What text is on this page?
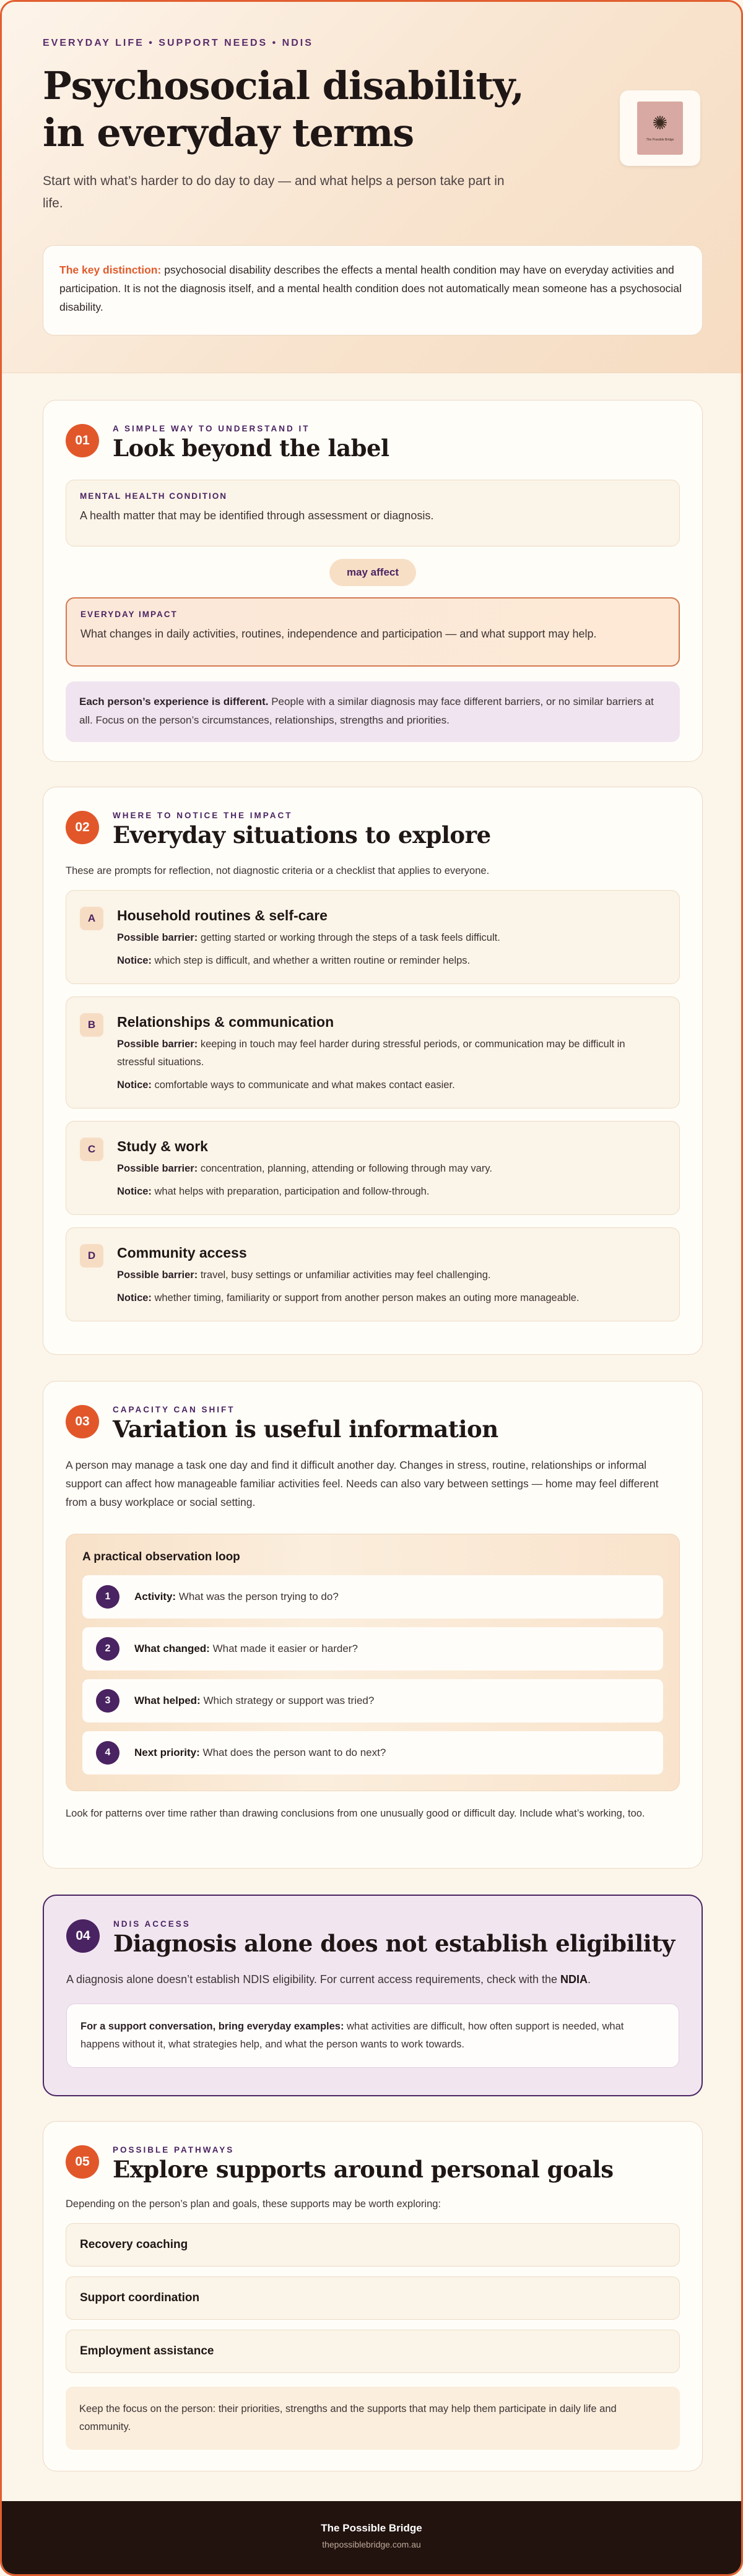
EVERYDAY LIFE • SUPPORT NEEDS • NDIS
Psychosocial disability, in everyday terms

Start with what’s harder to do day to day — and what helps a person take part in life.

✺
The Possible Bridge
The key distinction: psychosocial disability describes the effects a mental health condition may have on everyday activities and participation. It is not the diagnosis itself, and a mental health condition does not automatically mean someone has a psychosocial disability.
01
A SIMPLE WAY TO UNDERSTAND IT
Look beyond the label
MENTAL HEALTH CONDITION
A health matter that may be identified through assessment or diagnosis.
may affect
EVERYDAY IMPACT
What changes in daily activities, routines, independence and participation — and what support may help.
Each person’s experience is different. People with a similar diagnosis may face different barriers, or no similar barriers at all. Focus on the person’s circumstances, relationships, strengths and priorities.
02
WHERE TO NOTICE THE IMPACT
Everyday situations to explore

These are prompts for reflection, not diagnostic criteria or a checklist that applies to everyone.

A	Household routines & self-care
Possible barrier: getting started or working through the steps of a task feels difficult.
Notice: which step is difficult, and whether a written routine or reminder helps.
B	Relationships & communication
Possible barrier: keeping in touch may feel harder during stressful periods, or communication may be difficult in stressful situations.
Notice: comfortable ways to communicate and what makes contact easier.
C	Study & work
Possible barrier: concentration, planning, attending or following through may vary.
Notice: what helps with preparation, participation and follow-through.
D	Community access
Possible barrier: travel, busy settings or unfamiliar activities may feel challenging.
Notice: whether timing, familiarity or support from another person makes an outing more manageable.
03
CAPACITY CAN SHIFT
Variation is useful information

A person may manage a task one day and find it difficult another day. Changes in stress, routine, relationships or informal support can affect how manageable familiar activities feel. Needs can also vary between settings — home may feel different from a busy workplace or social setting.

A practical observation loop
1	Activity: What was the person trying to do?
2	What changed: What made it easier or harder?
3	What helped: Which strategy or support was tried?
4	Next priority: What does the person want to do next?

Look for patterns over time rather than drawing conclusions from one unusually good or difficult day. Include what’s working, too.

04
NDIS ACCESS
Diagnosis alone does not establish eligibility

A diagnosis alone doesn’t establish NDIS eligibility. For current access requirements, check with the NDIA.

For a support conversation, bring everyday examples: what activities are difficult, how often support is needed, what happens without it, what strategies help, and what the person wants to work towards.
05
POSSIBLE PATHWAYS
Explore supports around personal goals

Depending on the person’s plan and goals, these supports may be worth exploring:

Recovery coaching
Support coordination
Employment assistance
Keep the focus on the person: their priorities, strengths and the supports that may help them participate in daily life and community.
The Possible Bridge
thepossiblebridge.com.au
